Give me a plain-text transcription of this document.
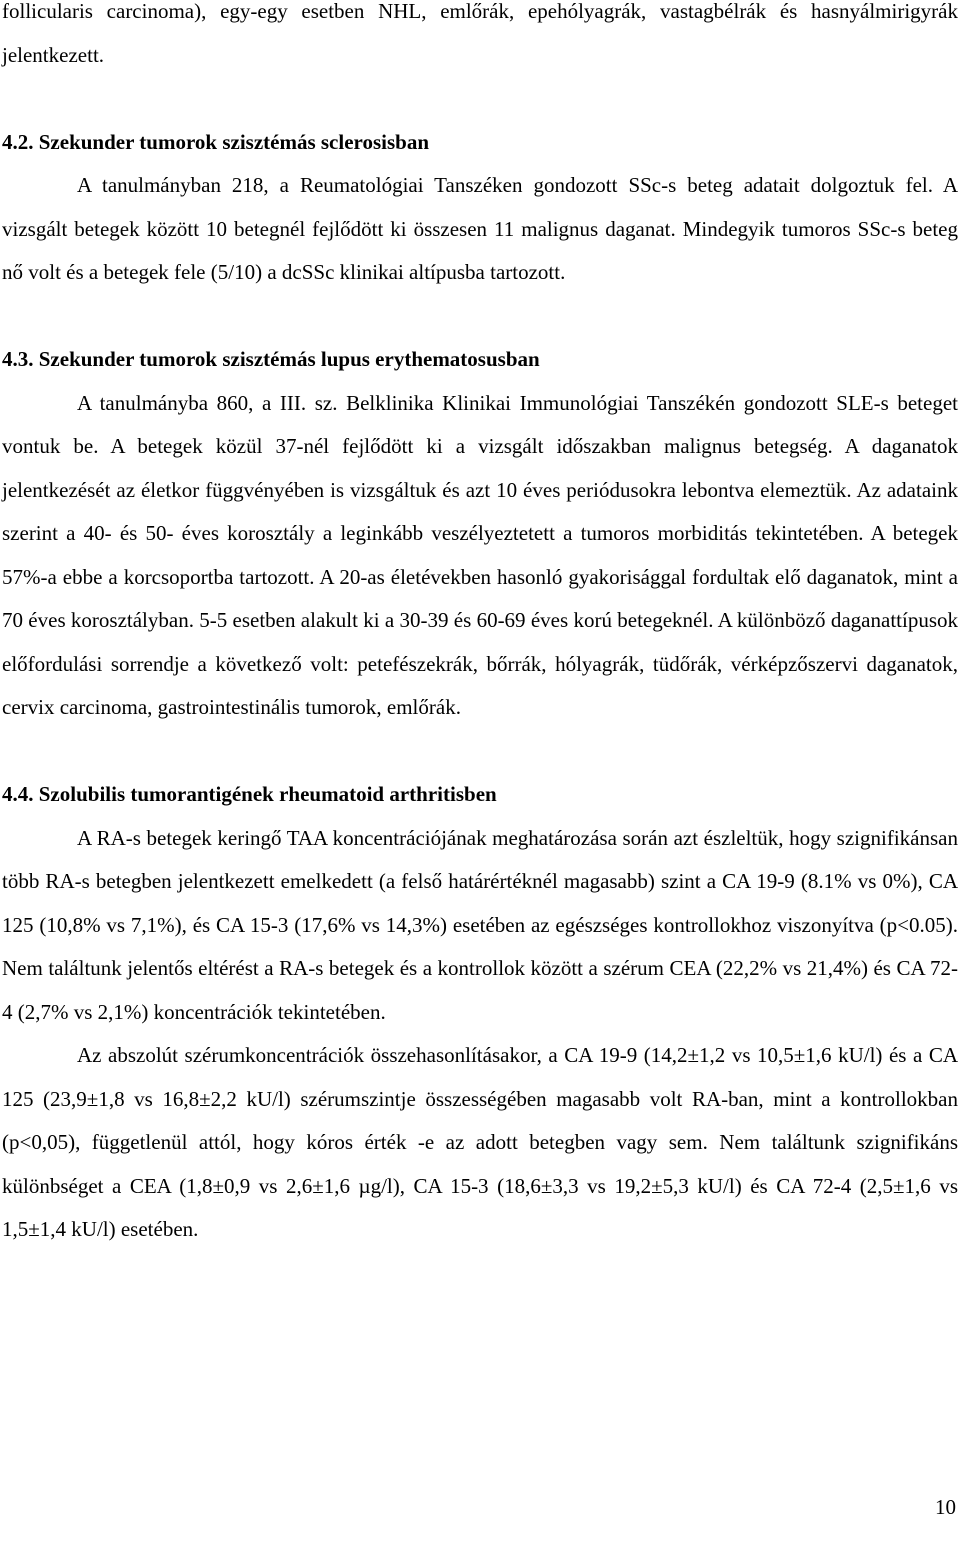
follicularis carcinoma), egy-egy esetben NHL, emlőrák, epehólyagrák, vastagbélrák és hasnyálmirigyrák jelentkezett.

4.2. Szekunder tumorok szisztémás sclerosisban

A tanulmányban 218, a Reumatológiai Tanszéken gondozott SSc-s beteg adatait dolgoztuk fel. A vizsgált betegek között 10 betegnél fejlődött ki összesen 11 malignus daganat. Mindegyik tumoros SSc-s beteg nő volt és a betegek fele (5/10) a dcSSc klinikai altípusba tartozott.

4.3. Szekunder tumorok szisztémás lupus erythematosusban

A tanulmányba 860, a III. sz. Belklinika Klinikai Immunológiai Tanszékén gondozott SLE-s beteget vontuk be. A betegek közül 37-nél fejlődött ki a vizsgált időszakban malignus betegség. A daganatok jelentkezését az életkor függvényében is vizsgáltuk és azt 10 éves periódusokra lebontva elemeztük. Az adataink szerint a 40- és 50- éves korosztály a leginkább veszélyeztetett a tumoros morbiditás tekintetében. A betegek 57%-a ebbe a korcsoportba tartozott. A 20-as életévekben hasonló gyakorisággal fordultak elő daganatok, mint a 70 éves korosztályban. 5-5 esetben alakult ki a 30-39 és 60-69 éves korú betegeknél. A különböző daganattípusok előfordulási sorrendje a következő volt: petefészekrák, bőrrák, hólyagrák, tüdőrák, vérképzőszervi daganatok, cervix carcinoma, gastrointestinális tumorok, emlőrák.

4.4. Szolubilis tumorantigének rheumatoid arthritisben

A RA-s betegek keringő TAA koncentrációjának meghatározása során azt észleltük, hogy szignifikánsan több RA-s betegben jelentkezett emelkedett (a felső határértéknél magasabb) szint a CA 19-9 (8.1% vs 0%), CA 125 (10,8% vs 7,1%), és CA 15-3 (17,6% vs 14,3%) esetében az egészséges kontrollokhoz viszonyítva (p<0.05). Nem találtunk jelentős eltérést a RA-s betegek és a kontrollok között a szérum CEA (22,2% vs 21,4%) és CA 72-4 (2,7% vs 2,1%) koncentrációk tekintetében.

Az abszolút szérumkoncentrációk összehasonlításakor, a CA 19-9 (14,2±1,2 vs 10,5±1,6 kU/l) és a CA 125 (23,9±1,8 vs 16,8±2,2 kU/l) szérumszintje összességében magasabb volt RA-ban, mint a kontrollokban (p<0,05), függetlenül attól, hogy kóros érték -e az adott betegben vagy sem. Nem találtunk szignifikáns különbséget a CEA (1,8±0,9 vs 2,6±1,6 µg/l), CA 15-3 (18,6±3,3 vs 19,2±5,3 kU/l) és CA 72-4 (2,5±1,6 vs 1,5±1,4 kU/l) esetében.

10
